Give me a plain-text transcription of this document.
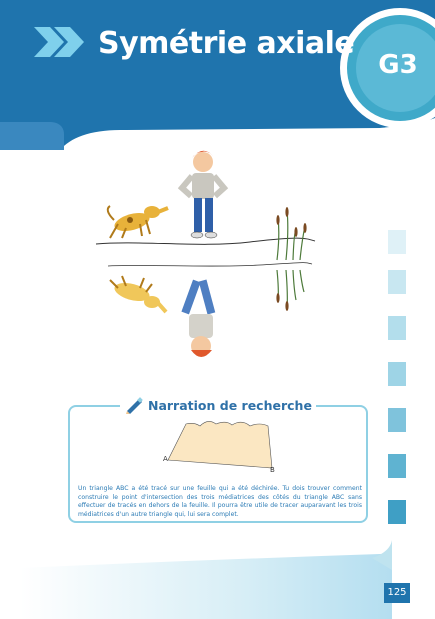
Symétrie axiale
G3
Narration de recherche
A
B
Un triangle ABC a été tracé sur une feuille qui a été déchirée. Tu dois trouver comment construire le point d'intersection des trois médiatrices des côtés du triangle ABC sans effectuer de tracés en dehors de la feuille. Il pourra être utile de tracer auparavant les trois médiatrices d'un autre triangle qui, lui sera complet.
125
